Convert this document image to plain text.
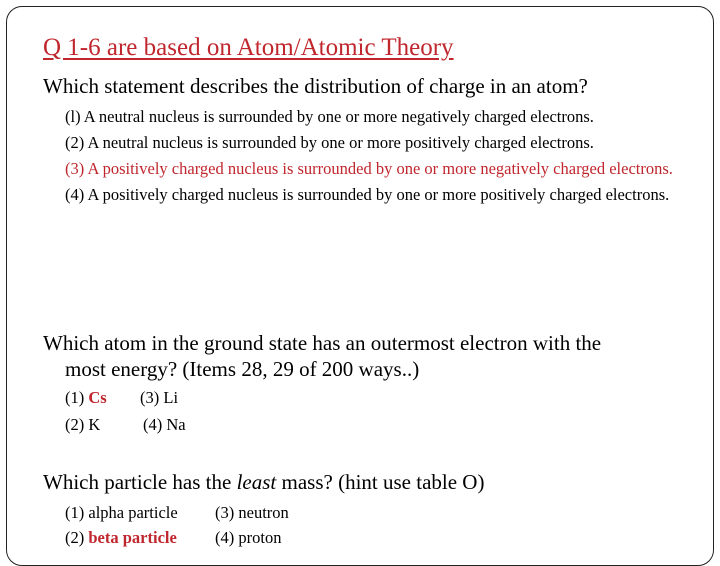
Q 1-6 are based on Atom/Atomic Theory
Which statement describes the distribution of charge in an atom?
(l) A neutral nucleus is surrounded by one or more negatively charged electrons.
(2) A neutral nucleus is surrounded by one or more positively charged electrons.
(3) A positively charged nucleus is surrounded by one or more negatively charged electrons.
(4) A positively charged nucleus is surrounded by one or more positively charged electrons.
Which atom in the ground state has an outermost electron with the
most energy? (Items 28, 29 of 200 ways..)
(1) Cs (3) Li
(2) K	(4) Na
Which particle has the least mass? (hint use table O)
(1) alpha particle (3) neutron
(2) beta particle (4) proton
